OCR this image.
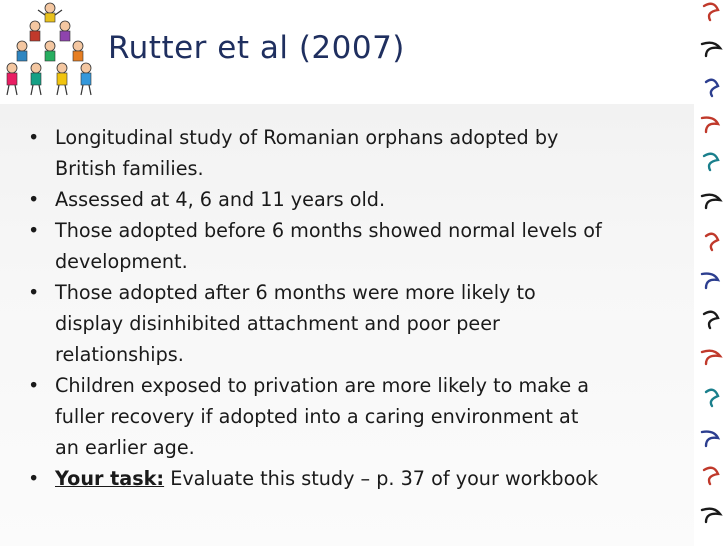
Rutter et al (2007)
• Longitudinal study of Romanian orphans adopted by
British families.
• Assessed at 4, 6 and 11 years old.
• Those adopted before 6 months showed normal levels of
development.
• Those adopted after 6 months were more likely to
display disinhibited attachment and poor peer
relationships.
• Children exposed to privation are more likely to make a
fuller recovery if adopted into a caring environment at
an earlier age.
• Your task: Evaluate this study – p. 37 of your workbook
